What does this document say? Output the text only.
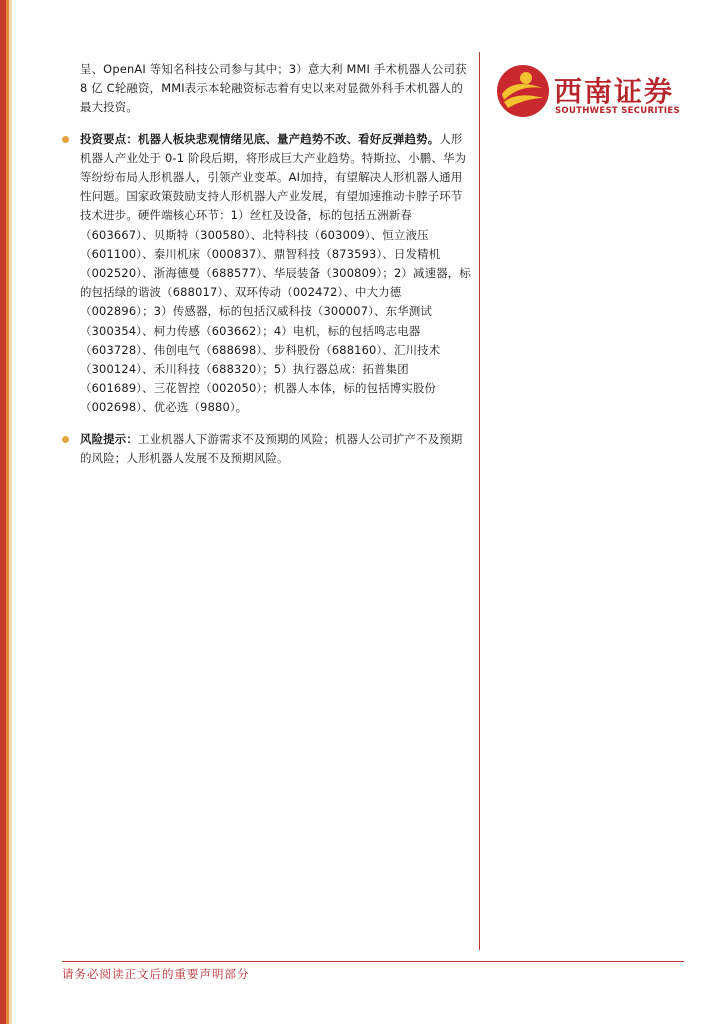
呈、OpenAI 等知名科技公司参与其中；3）意大利 MMI 手术机器人公司获 8 亿 C轮融资，MMI表示本轮融资标志着有史以来对显微外科手术机器人的最大投资。

投资要点：机器人板块悲观情绪见底、量产趋势不改、看好反弹趋势。人形机器人产业处于 0-1 阶段后期，将形成巨大产业趋势。特斯拉、小鹏、华为等纷纷布局人形机器人，引领产业变革。AI加持，有望解决人形机器人通用性问题。国家政策鼓励支持人形机器人产业发展，有望加速推动卡脖子环节技术进步。硬件端核心环节：1）丝杠及设备，标的包括五洲新春（603667）、贝斯特（300580）、北特科技（603009）、恒立液压（601100）、秦川机床（000837）、鼎智科技（873593）、日发精机（002520）、浙海德曼（688577）、华辰装备（300809）；2）减速器，标的包括绿的谐波（688017）、双环传动（002472）、中大力德（002896）；3）传感器，标的包括汉威科技（300007）、东华测试（300354）、柯力传感（603662）；4）电机，标的包括鸣志电器（603728）、伟创电气（688698）、步科股份（688160）、汇川技术（300124）、禾川科技（688320）；5）执行器总成：拓普集团（601689）、三花智控（002050）；机器人本体，标的包括博实股份（002698）、优必选（9880）。
风险提示：工业机器人下游需求不及预期的风险；机器人公司扩产不及预期的风险；人形机器人发展不及预期风险。
西南证券
SOUTHWEST SECURITIES
请务必阅读正文后的重要声明部分
